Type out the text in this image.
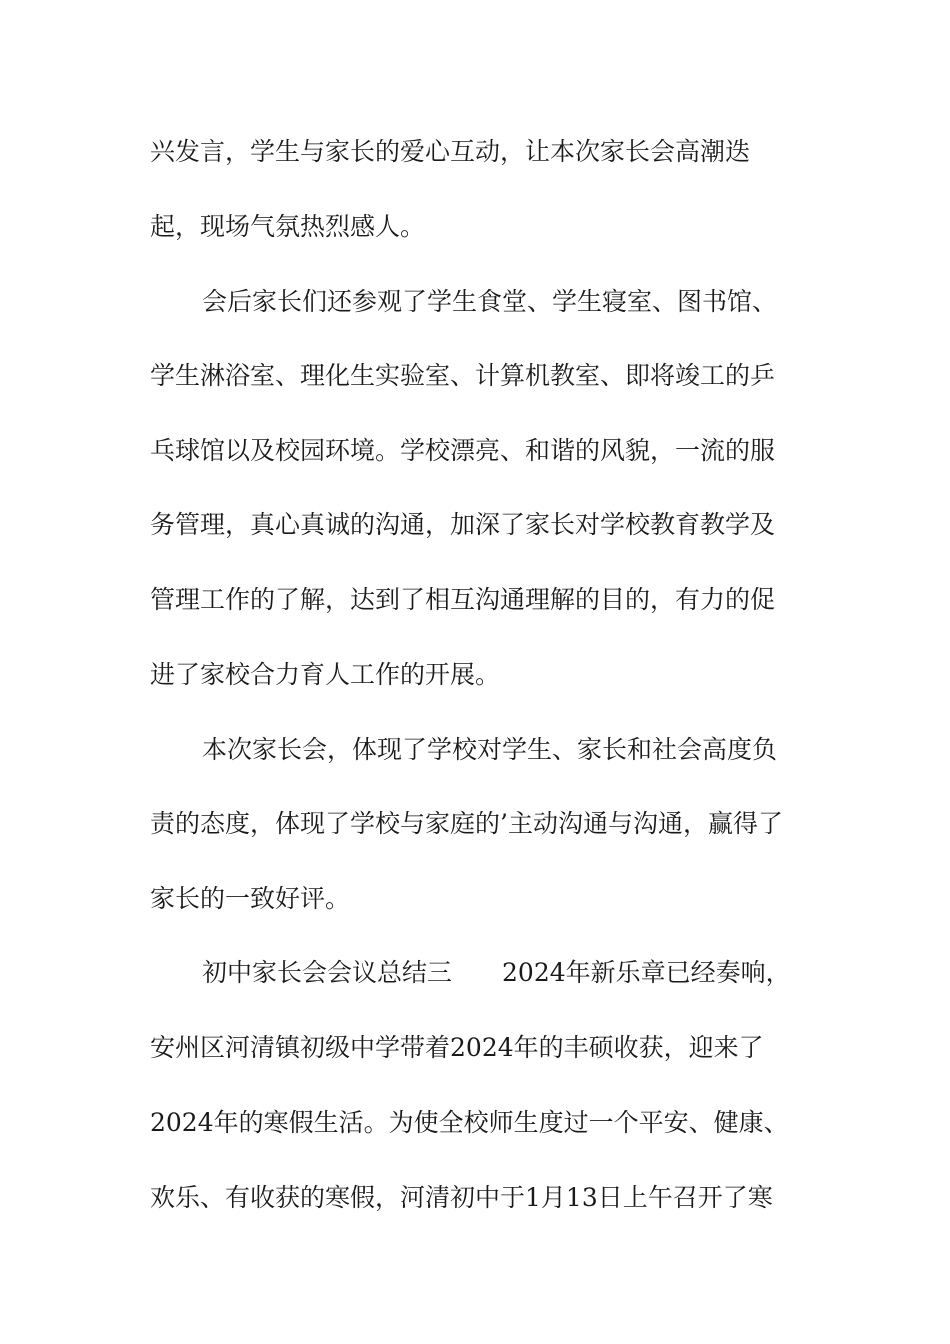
兴发言，学生与家长的爱心互动，让本次家长会高潮迭

起，现场气氛热烈感人。

会后家长们还参观了学生食堂、学生寝室、图书馆、

学生淋浴室、理化生实验室、计算机教室、即将竣工的乒

乓球馆以及校园环境。学校漂亮、和谐的风貌，一流的服

务管理，真心真诚的沟通，加深了家长对学校教育教学及

管理工作的了解，达到了相互沟通理解的目的，有力的促

进了家校合力育人工作的开展。

本次家长会，体现了学校对学生、家长和社会高度负

责的态度，体现了学校与家庭的’主动沟通与沟通，赢得了

家长的一致好评。

初中家长会会议总结三　　2024年新乐章已经奏响，

安州区河清镇初级中学带着2024年的丰硕收获，迎来了

2024年的寒假生活。为使全校师生度过一个平安、健康、

欢乐、有收获的寒假，河清初中于1月13日上午召开了寒
